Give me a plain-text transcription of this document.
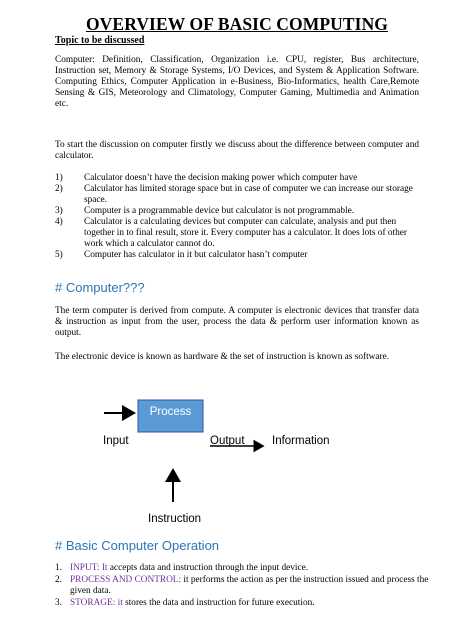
OVERVIEW OF BASIC COMPUTING
Topic to be discussed
Computer: Definition, Classification, Organization i.e. CPU, register, Bus architecture, Instruction set, Memory & Storage Systems, I/O Devices, and System & Application Software. Computing Ethics, Computer Application in e-Business, Bio-Informatics, health Care,Remote Sensing & GIS, Meteorology and Climatology, Computer Gaming, Multimedia and Animation etc.
To start the discussion on computer firstly we discuss about the difference between computer and calculator.
1) Calculator doesn’t have the decision making power which computer have
2) Calculator has limited storage space but in case of computer we can increase our storage space.
3) Computer is a programmable device but calculator is not programmable.
4) Calculator is a calculating devices but computer can calculate, analysis and put then together in to final result, store it. Every computer has a calculator. It does lots of other work which a calculator cannot do.
5) Computer has calculator in it but calculator hasn’t computer
# Computer???
The term computer is derived from compute. A computer is electronic devices that transfer data & instruction as input from the user, process the data & perform user information known as output.
The electronic device is known as hardware & the set of instruction is known as software.
Process
Input	Output Information
Instruction
# Basic Computer Operation
1. INPUT: It accepts data and instruction through the input device.
2. PROCESS AND CONTROL: it performs the action as per the instruction issued and process the given data.
3. STORAGE: it stores the data and instruction for future execution.
